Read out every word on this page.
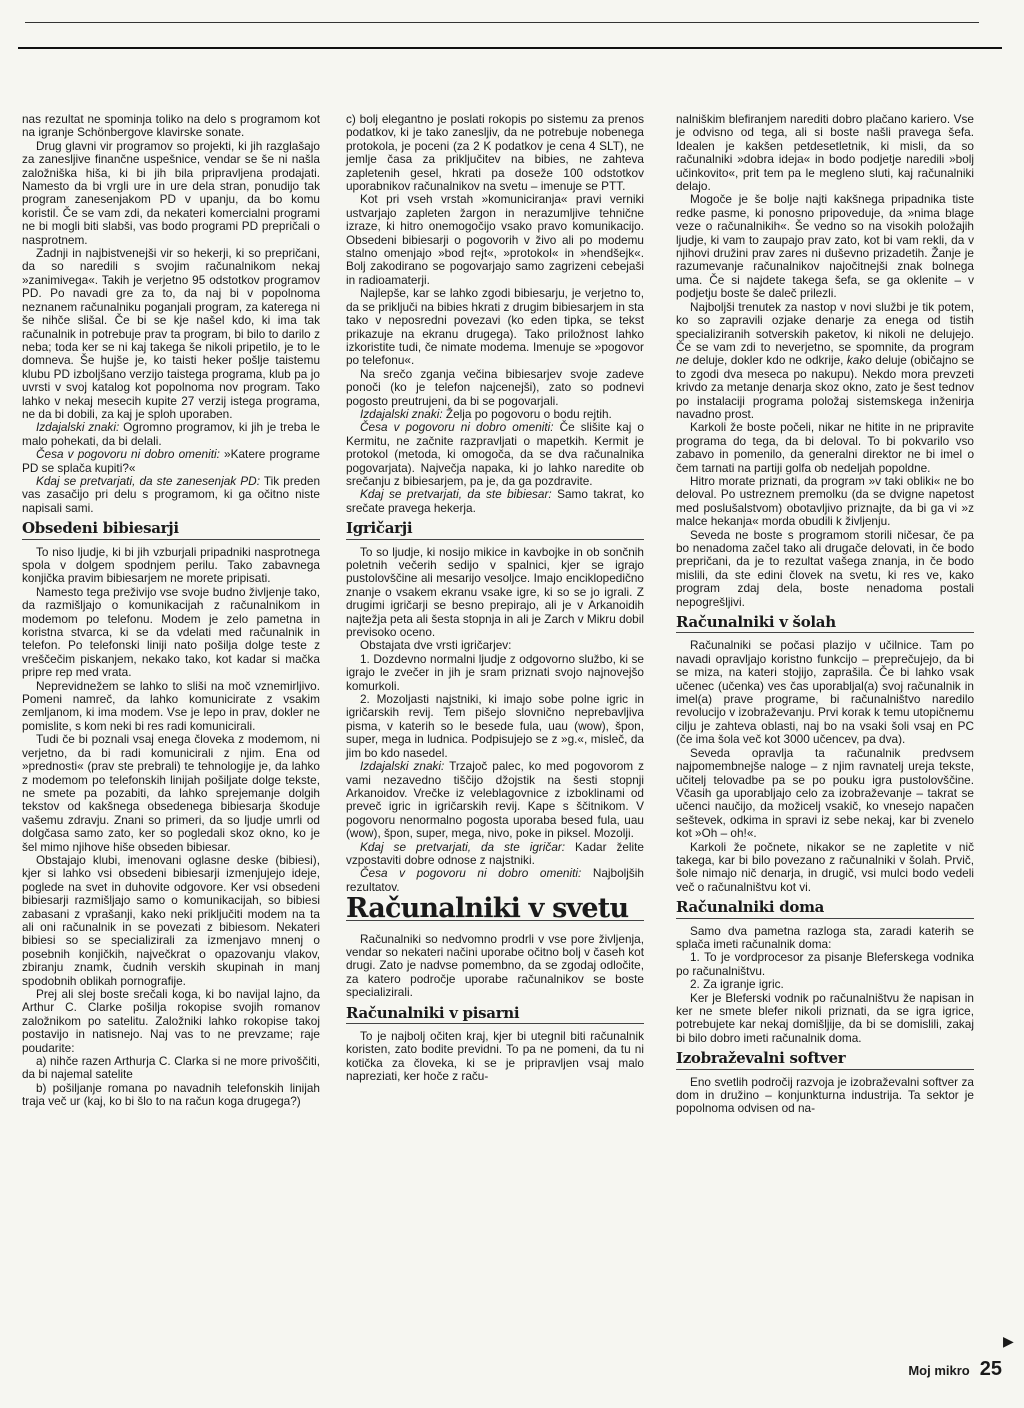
nas rezultat ne spominja toliko na delo s programom kot na igranje Schönbergove klavirske sonate.

Drug glavni vir programov so projekti, ki jih razglašajo za zanesljive finančne uspešnice, vendar se še ni našla založniška hiša, ki bi jih bila pripravljena prodajati. Namesto da bi vrgli ure in ure dela stran, ponudijo tak program zanesenjakom PD v upanju, da bo komu koristil. Če se vam zdi, da nekateri komercialni programi ne bi mogli biti slabši, vas bodo programi PD prepričali o nasprotnem.

Zadnji in najbistvenejši vir so hekerji, ki so prepričani, da so naredili s svojim računalnikom nekaj »zanimivega«. Takih je verjetno 95 odstotkov programov PD. Po navadi gre za to, da naj bi v popolnoma neznanem računalniku poganjali program, za katerega ni še nihče slišal. Če bi se kje našel kdo, ki ima tak računalnik in potrebuje prav ta program, bi bilo to darilo z neba; toda ker se ni kaj takega še nikoli pripetilo, je to le domneva. Še hujše je, ko taisti heker pošlje taistemu klubu PD izboljšano verzijo taistega programa, klub pa jo uvrsti v svoj katalog kot popolnoma nov program. Tako lahko v nekaj mesecih kupite 27 verzij istega programa, ne da bi dobili, za kaj je sploh uporaben.

Izdajalski znaki: Ogromno programov, ki jih je treba le malo pohekati, da bi delali.

Česa v pogovoru ni dobro omeniti: »Katere programe PD se splača kupiti?«

Kdaj se pretvarjati, da ste zanesenjak PD: Tik preden vas zasačijo pri delu s programom, ki ga očitno niste napisali sami.

Obsedeni bibiesarji

To niso ljudje, ki bi jih vzburjali pripadniki nasprotnega spola v dolgem spodnjem perilu. Tako zabavnega konjička pravim bibiesarjem ne morete pripisati.

Namesto tega preživijo vse svoje budno življenje tako, da razmišljajo o komunikacijah z računalnikom in modemom po telefonu. Modem je zelo pametna in koristna stvarca, ki se da vdelati med računalnik in telefon. Po telefonski liniji nato pošilja dolge teste z vreščečim piskanjem, nekako tako, kot kadar si mačka pripre rep med vrata.

Neprevidnežem se lahko to sliši na moč vznemirljivo. Pomeni namreč, da lahko komunicirate z vsakim zemljanom, ki ima modem. Vse je lepo in prav, dokler ne pomislite, s kom neki bi res radi komunicirali.

Tudi če bi poznali vsaj enega človeka z modemom, ni verjetno, da bi radi komunicirali z njim. Ena od »prednosti« (prav ste prebrali) te tehnologije je, da lahko z modemom po telefonskih linijah pošiljate dolge tekste, ne smete pa pozabiti, da lahko sprejemanje dolgih tekstov od kakšnega obsedenega bibiesarja škoduje vašemu zdravju. Znani so primeri, da so ljudje umrli od dolgčasa samo zato, ker so pogledali skoz okno, ko je šel mimo njihove hiše obseden bibiesar.

Obstajajo klubi, imenovani oglasne deske (bibiesi), kjer si lahko vsi obsedeni bibiesarji izmenjujejo ideje, poglede na svet in duhovite odgovore. Ker vsi obsedeni bibiesarji razmišljajo samo o komunikacijah, so bibiesi zabasani z vprašanji, kako neki priključiti modem na ta ali oni računalnik in se povezati z bibiesom. Nekateri bibiesi so se specializirali za izmenjavo mnenj o posebnih konjičkih, največkrat o opazovanju vlakov, zbiranju znamk, čudnih verskih skupinah in manj spodobnih oblikah pornografije.

Prej ali slej boste srečali koga, ki bo navijal lajno, da Arthur C. Clarke pošilja rokopise svojih romanov založnikom po satelitu. Založniki lahko rokopise takoj postavijo in natisnejo. Naj vas to ne prevzame; raje poudarite:

a) nihče razen Arthurja C. Clarka si ne more privoščiti, da bi najemal satelite

b) pošiljanje romana po navadnih telefonskih linijah traja več ur (kaj, ko bi šlo to na račun koga drugega?)

c) bolj elegantno je poslati rokopis po sistemu za prenos podatkov, ki je tako zanesljiv, da ne potrebuje nobenega protokola, je poceni (za 2 K podatkov je cena 4 SLT), ne jemlje časa za priključitev na bibies, ne zahteva zapletenih gesel, hkrati pa doseže 100 odstotkov uporabnikov računalnikov na svetu – imenuje se PTT.

Kot pri vseh vrstah »komuniciranja« pravi verniki ustvarjajo zapleten žargon in nerazumljive tehnične izraze, ki hitro onemogočijo vsako pravo komunikacijo. Obsedeni bibiesarji o pogovorih v živo ali po modemu stalno omenjajo »bod rejt«, »protokol« in »hendšejk«. Bolj zakodirano se pogovarjajo samo zagrizeni cebejaši in radioamaterji.

Najlepše, kar se lahko zgodi bibiesarju, je verjetno to, da se priključi na bibies hkrati z drugim bibiesarjem in sta tako v neposredni povezavi (ko eden tipka, se tekst prikazuje na ekranu drugega). Tako priložnost lahko izkoristite tudi, če nimate modema. Imenuje se »pogovor po telefonu«.

Na srečo zganja večina bibiesarjev svoje zadeve ponoči (ko je telefon najcenejši), zato so podnevi pogosto preutrujeni, da bi se pogovarjali.

Izdajalski znaki: Želja po pogovoru o bodu rejtih.

Česa v pogovoru ni dobro omeniti: Če slišite kaj o Kermitu, ne začnite razpravljati o mapetkih. Kermit je protokol (metoda, ki omogoča, da se dva računalnika pogovarjata). Največja napaka, ki jo lahko naredite ob srečanju z bibiesarjem, pa je, da ga pozdravite.

Kdaj se pretvarjati, da ste bibiesar: Samo takrat, ko srečate pravega hekerja.

Igričarji

To so ljudje, ki nosijo mikice in kavbojke in ob sončnih poletnih večerih sedijo v spalnici, kjer se igrajo pustolovščine ali mesarijo vesoljce. Imajo enciklopedično znanje o vsakem ekranu vsake igre, ki so se jo igrali. Z drugimi igričarji se besno prepirajo, ali je v Arkanoidih najtežja peta ali šesta stopnja in ali je Zarch v Mikru dobil previsoko oceno.

Obstajata dve vrsti igričarjev:

1. Dozdevno normalni ljudje z odgovorno službo, ki se igrajo le zvečer in jih je sram priznati svojo najnovejšo komurkoli.

2. Mozoljasti najstniki, ki imajo sobe polne igric in igričarskih revij. Tem pišejo slovnično neprebavljiva pisma, v katerih so le besede fula, uau (wow), špon, super, mega in ludnica. Podpisujejo se z »g.«, misleč, da jim bo kdo nasedel.

Izdajalski znaki: Trzajoč palec, ko med pogovorom z vami nezavedno tiščijo džojstik na šesti stopnji Arkanoidov. Vrečke iz veleblagovnice z izboklinami od preveč igric in igričarskih revij. Kape s ščitnikom. V pogovoru nenormalno pogosta uporaba besed fula, uau (wow), špon, super, mega, nivo, poke in piksel. Mozolji.

Kdaj se pretvarjati, da ste igričar: Kadar želite vzpostaviti dobre odnose z najstniki.

Česa v pogovoru ni dobro omeniti: Najboljših rezultatov.

Računalniki v svetu

Računalniki so nedvomno prodrli v vse pore življenja, vendar so nekateri načini uporabe očitno bolj v časeh kot drugi. Zato je nadvse pomembno, da se zgodaj odločite, za katero področje uporabe računalnikov se boste specializirali.

Računalniki v pisarni

To je najbolj očiten kraj, kjer bi utegnil biti računalnik koristen, zato bodite previdni. To pa ne pomeni, da tu ni kotička za človeka, ki se je pripravljen vsaj malo napreziati, ker hoče z raču-

nalniškim blefiranjem narediti dobro plačano kariero. Vse je odvisno od tega, ali si boste našli pravega šefa. Idealen je kakšen petdesetletnik, ki misli, da so računalniki »dobra ideja« in bodo podjetje naredili »bolj učinkovito«, prit tem pa le megleno sluti, kaj računalniki delajo.

Mogoče je še bolje najti kakšnega pripadnika tiste redke pasme, ki ponosno pripoveduje, da »nima blage veze o računalnikih«. Še vedno so na visokih položajih ljudje, ki vam to zaupajo prav zato, kot bi vam rekli, da v njihovi družini prav zares ni duševno prizadetih. Žanje je razumevanje računalnikov najočitnejši znak bolnega uma. Če si najdete takega šefa, se ga oklenite – v podjetju boste še daleč prilezli.

Najboljši trenutek za nastop v novi službi je tik potem, ko so zapravili ozjake denarje za enega od tistih specializiranih sotverskih paketov, ki nikoli ne delujejo. Če se vam zdi to neverjetno, se spomnite, da program ne deluje, dokler kdo ne odkrije, kako deluje (običajno se to zgodi dva meseca po nakupu). Nekdo mora prevzeti krivdo za metanje denarja skoz okno, zato je šest tednov po instalaciji programa položaj sistemskega inženirja navadno prost.

Karkoli že boste počeli, nikar ne hitite in ne pripravite programa do tega, da bi deloval. To bi pokvarilo vso zabavo in pomenilo, da generalni direktor ne bi imel o čem tarnati na partiji golfa ob nedeljah popoldne.

Hitro morate priznati, da program »v taki obliki« ne bo deloval. Po ustreznem premolku (da se dvigne napetost med poslušalstvom) obotavljivo priznajte, da bi ga vi »z malce hekanja« morda obudili k življenju.

Seveda ne boste s programom storili ničesar, če pa bo nenadoma začel tako ali drugače delovati, in če bodo prepričani, da je to rezultat vašega znanja, in če bodo mislili, da ste edini človek na svetu, ki res ve, kako program zdaj dela, boste nenadoma postali nepogrešljivi.

Računalniki v šolah

Računalniki se počasi plazijo v učilnice. Tam po navadi opravljajo koristno funkcijo – preprečujejo, da bi se miza, na kateri stojijo, zaprašila. Če bi lahko vsak učenec (učenka) ves čas uporabljal(a) svoj računalnik in imel(a) prave programe, bi računalništvo naredilo revolucijo v izobraževanju. Prvi korak k temu utopičnemu cilju je zahteva oblasti, naj bo na vsaki šoli vsaj en PC (če ima šola več kot 3000 učencev, pa dva).

Seveda opravlja ta računalnik predvsem najpomembnejše naloge – z njim ravnatelj ureja tekste, učitelj telovadbe pa se po pouku igra pustolovščine. Včasih ga uporabljajo celo za izobraževanje – takrat se učenci naučijo, da možicelj vsakič, ko vnesejo napačen seštevek, odkima in spravi iz sebe nekaj, kar bi zvenelo kot »Oh – oh!«.

Karkoli že počnete, nikakor se ne zapletite v nič takega, kar bi bilo povezano z računalniki v šolah. Prvič, šole nimajo nič denarja, in drugič, vsi mulci bodo vedeli več o računalništvu kot vi.

Računalniki doma

Samo dva pametna razloga sta, zaradi katerih se splača imeti računalnik doma:

1. To je vordprocesor za pisanje Bleferskega vodnika po računalništvu.

2. Za igranje igric.

Ker je Bleferski vodnik po računalništvu že napisan in ker ne smete blefer nikoli priznati, da se igra igrice, potrebujete kar nekaj domišljije, da bi se domislili, zakaj bi bilo dobro imeti računalnik doma.

Izobraževalni softver

Eno svetlih področij razvoja je izobraževalni softver za dom in družino – konjunkturna industrija. Ta sektor je popolnoma odvisen od na-

▶
Moj mikro 25
